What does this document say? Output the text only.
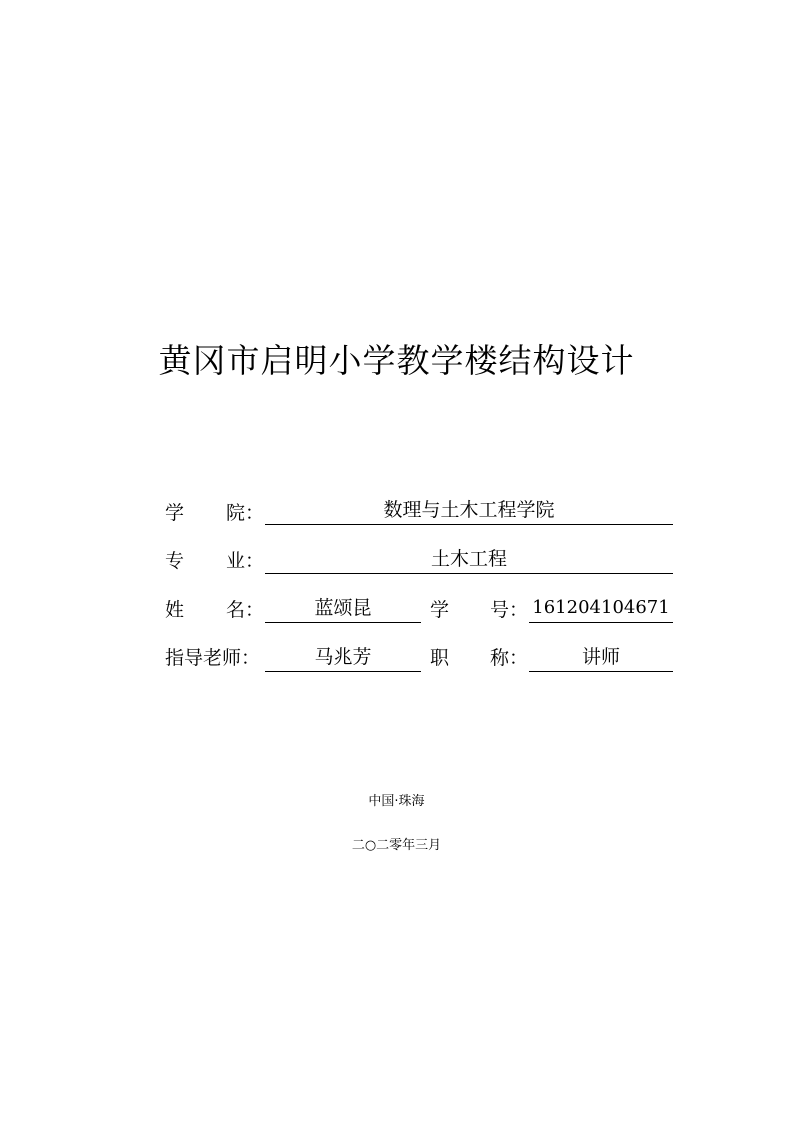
黄冈市启明小学教学楼结构设计
学 院：	数理与土木工程学院
专 业：	土木工程
姓 名：	蓝颂昆	学 号： 161204104671
指导老师：	马兆芳	职 称：	讲师
中国·珠海
二○二零年三月
